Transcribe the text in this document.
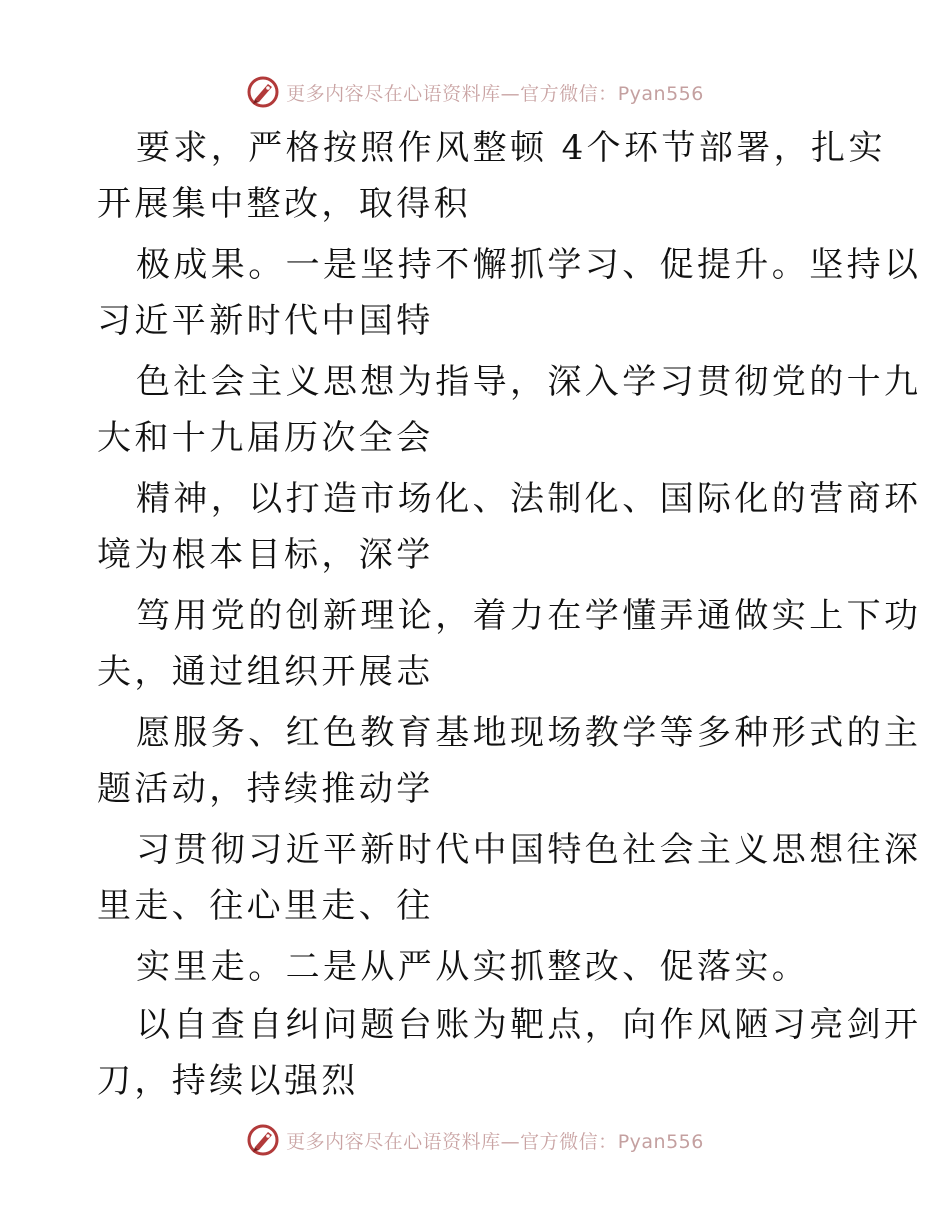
更多内容尽在心语资料库—官方微信：Pyan556
要求，严格按照作风整顿 4个环节部署，扎实
开展集中整改，取得积
极成果。一是坚持不懈抓学习、促提升。坚持以
习近平新时代中国特
色社会主义思想为指导，深入学习贯彻党的十九
大和十九届历次全会
精神，以打造市场化、法制化、国际化的营商环
境为根本目标，深学
笃用党的创新理论，着力在学懂弄通做实上下功
夫，通过组织开展志
愿服务、红色教育基地现场教学等多种形式的主
题活动，持续推动学
习贯彻习近平新时代中国特色社会主义思想往深
里走、往心里走、往
实里走。二是从严从实抓整改、促落实。
以自查自纠问题台账为靶点，向作风陋习亮剑开
刀，持续以强烈
更多内容尽在心语资料库—官方微信：Pyan556
